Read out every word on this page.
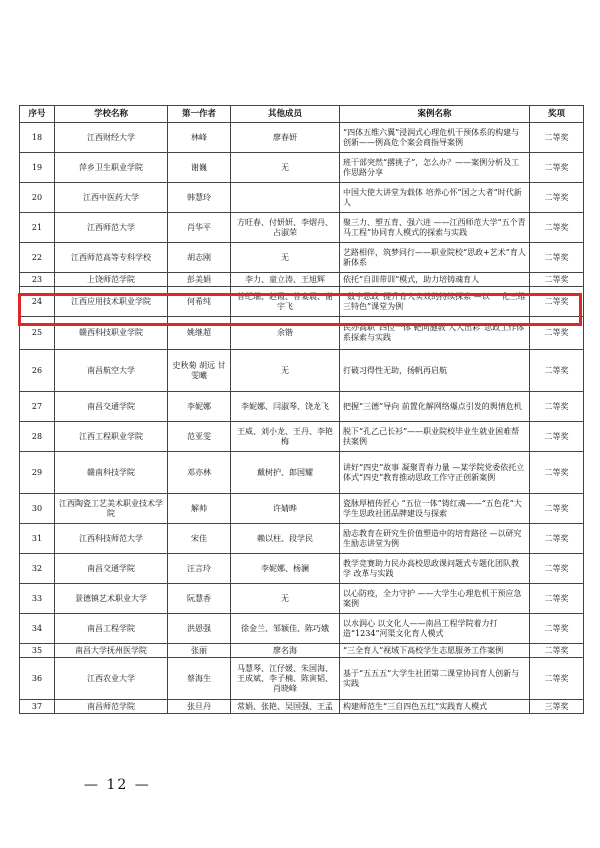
序号	学校名称	第一作者	其他成员	案例名称	奖项
18	江西财经大学	林峰	廖春妍	“四体五维六翼”浸润式心理危机干预体系的构建与创新——例高危个案会商指导案例	二等奖
19	萍乡卫生职业学院	谢巍	无	班干部突然“撂挑子”，怎么办？——案例分析及工作思路分享	二等奖
20	江西中医药大学	韩慧玲		中国大使大讲堂为载体 培养心怀“国之大者”时代新人	二等奖
21	江西师范大学	肖华平	方旺春、付妍妍、李熠丹、占淑荣	聚三力、塑五育、强六进 ——江西师范大学“五个青马工程”协同育人模式的探索与实践	二等奖
22	江西师范高等专科学校	胡志刚	无	艺路相伴，筑梦同行——职业院校“思政+艺术”育人新体系	二等奖
23	上饶师范学院	彭美娟	李力、童立涛、王旭辉	依托“自训带训”模式，助力培铸魂育人	二等奖
24	江西应用技术职业学院	何希纯	曾纪瑞、赵霞、曾宴晨、谢宇飞	“数字思政”提升育人实效的持续探索 —以“一化三维三特色”课堂为例	二等奖
25	赣西科技职业学院	姚继超	余锴	民办高职“四位一体 靶向施教 人人出彩”思政工作体系探索与实践	二等奖
26	南昌航空大学	史秋菊 胡远 甘雯曦	无	打破习得性无助，扬帆再启航	二等奖
27	南昌交通学院	李妮娜	李妮娜、闫淑琴、饶龙飞	把握“三德”导向 前置化解网络爆点引发的舆情危机	二等奖
28	江西工程职业学院	范亚雯	王威、刘小龙、王丹、李艳梅	脱下“孔乙己长衫”——职业院校毕业生就业困难帮扶案例	二等奖
29	赣南科技学院	邓亦林	戴树护、郎国耀	讲好“四史”故事 凝聚青春力量 —某学院党委依托立体式“四史”教育推动思政工作守正创新案例	二等奖
30	江西陶瓷工艺美术职业技术学院	解帅	许婧晔	瓷脉厚植传匠心 “五位一体”铸红魂——“五色花”大学生思政社团品牌建设与探索	二等奖
31	江西科技师范大学	宋佳	赖以柱、段学民	励志教育在研究生价值塑造中的培育路径 —以研究生励志讲堂为例	二等奖
32	南昌交通学院	汪言玲	李妮娜、杨澜	教学竞赛助力民办高校思政课问题式专题化团队教学 改革与实践	二等奖
33	景德镇艺术职业大学	阮慧香	无	以心防疫，全力守护 ——大学生心理危机干预应急案例	二等奖
34	南昌工程学院	洪恩强	徐金兰、邹颖佳、陈巧娥	以水润心 以文化人——南昌工程学院着力打造“1234”河渠文化育人模式	二等奖
35	南昌大学抚州医学院	张丽	廖名海	“三全育人”视域下高校学生志愿服务工作案例	二等奖
36	江西农业大学	蔡海生	马慧琴、江仔媛、朱国海、王成斌、李子楠、陈寅韬、肖晓峰	基于“五五五”大学生社团第二课堂协同育人创新与实践	二等奖
37	南昌师范学院	张旦丹	常娟、张艳、吴国强、王孟	构建师范生“三自四色五红”实践育人模式	三等奖
— 12 —
